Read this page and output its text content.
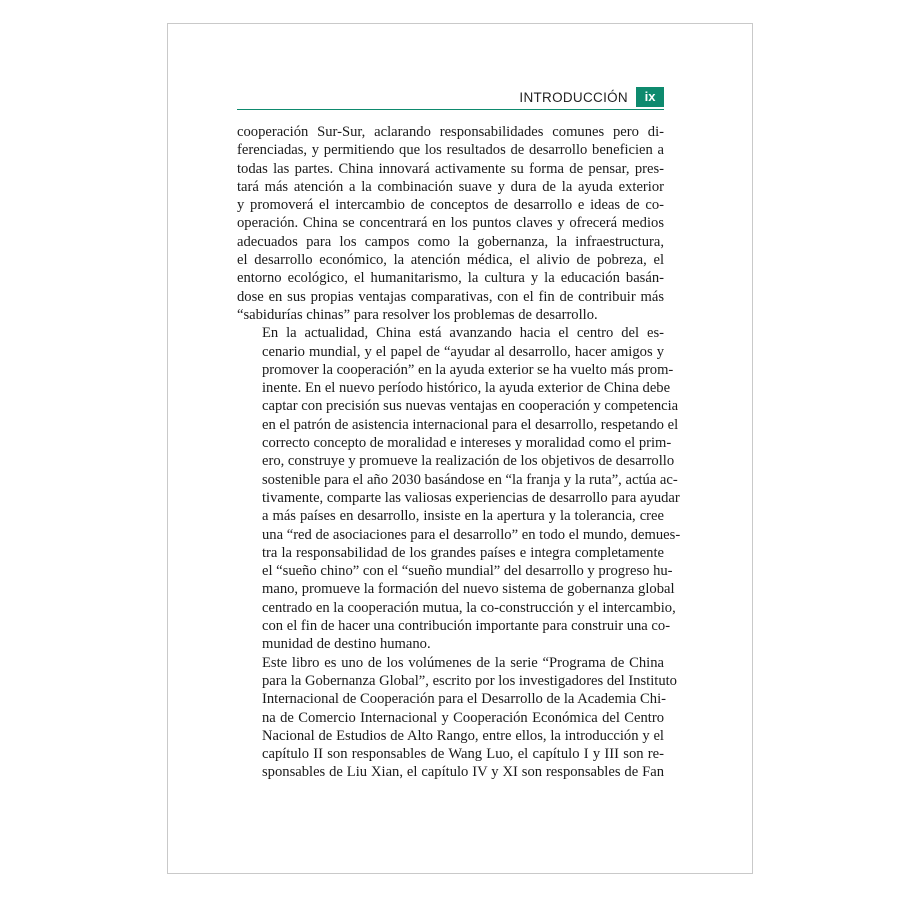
INTRODUCCIÓN	ix

cooperación Sur-Sur, aclarando responsabilidades comunes pero di-
ferenciadas, y permitiendo que los resultados de desarrollo beneficien a
todas las partes. China innovará activamente su forma de pensar, pres-
tará más atención a la combinación suave y dura de la ayuda exterior
y promoverá el intercambio de conceptos de desarrollo e ideas de co-
operación. China se concentrará en los puntos claves y ofrecerá medios
adecuados para los campos como la gobernanza, la infraestructura,
el desarrollo económico, la atención médica, el alivio de pobreza, el
entorno ecológico, el humanitarismo, la cultura y la educación basán-
dose en sus propias ventajas comparativas, con el fin de contribuir más
“sabidurías chinas” para resolver los problemas de desarrollo.

En la actualidad, China está avanzando hacia el centro del es-
cenario mundial, y el papel de “ayudar al desarrollo, hacer amigos y
promover la cooperación” en la ayuda exterior se ha vuelto más prom-
inente. En el nuevo período histórico, la ayuda exterior de China debe
captar con precisión sus nuevas ventajas en cooperación y competencia
en el patrón de asistencia internacional para el desarrollo, respetando el
correcto concepto de moralidad e intereses y moralidad como el prim-
ero, construye y promueve la realización de los objetivos de desarrollo
sostenible para el año 2030 basándose en “la franja y la ruta”, actúa ac-
tivamente, comparte las valiosas experiencias de desarrollo para ayudar
a más países en desarrollo, insiste en la apertura y la tolerancia, cree
una “red de asociaciones para el desarrollo” en todo el mundo, demues-
tra la responsabilidad de los grandes países e integra completamente
el “sueño chino” con el “sueño mundial” del desarrollo y progreso hu-
mano, promueve la formación del nuevo sistema de gobernanza global
centrado en la cooperación mutua, la co-construcción y el intercambio,
con el fin de hacer una contribución importante para construir una co-
munidad de destino humano.

Este libro es uno de los volúmenes de la serie “Programa de China
para la Gobernanza Global”, escrito por los investigadores del Instituto
Internacional de Cooperación para el Desarrollo de la Academia Chi-
na de Comercio Internacional y Cooperación Económica del Centro
Nacional de Estudios de Alto Rango, entre ellos, la introducción y el
capítulo II son responsables de Wang Luo, el capítulo I y III son re-
sponsables de Liu Xian, el capítulo IV y XI son responsables de Fan
